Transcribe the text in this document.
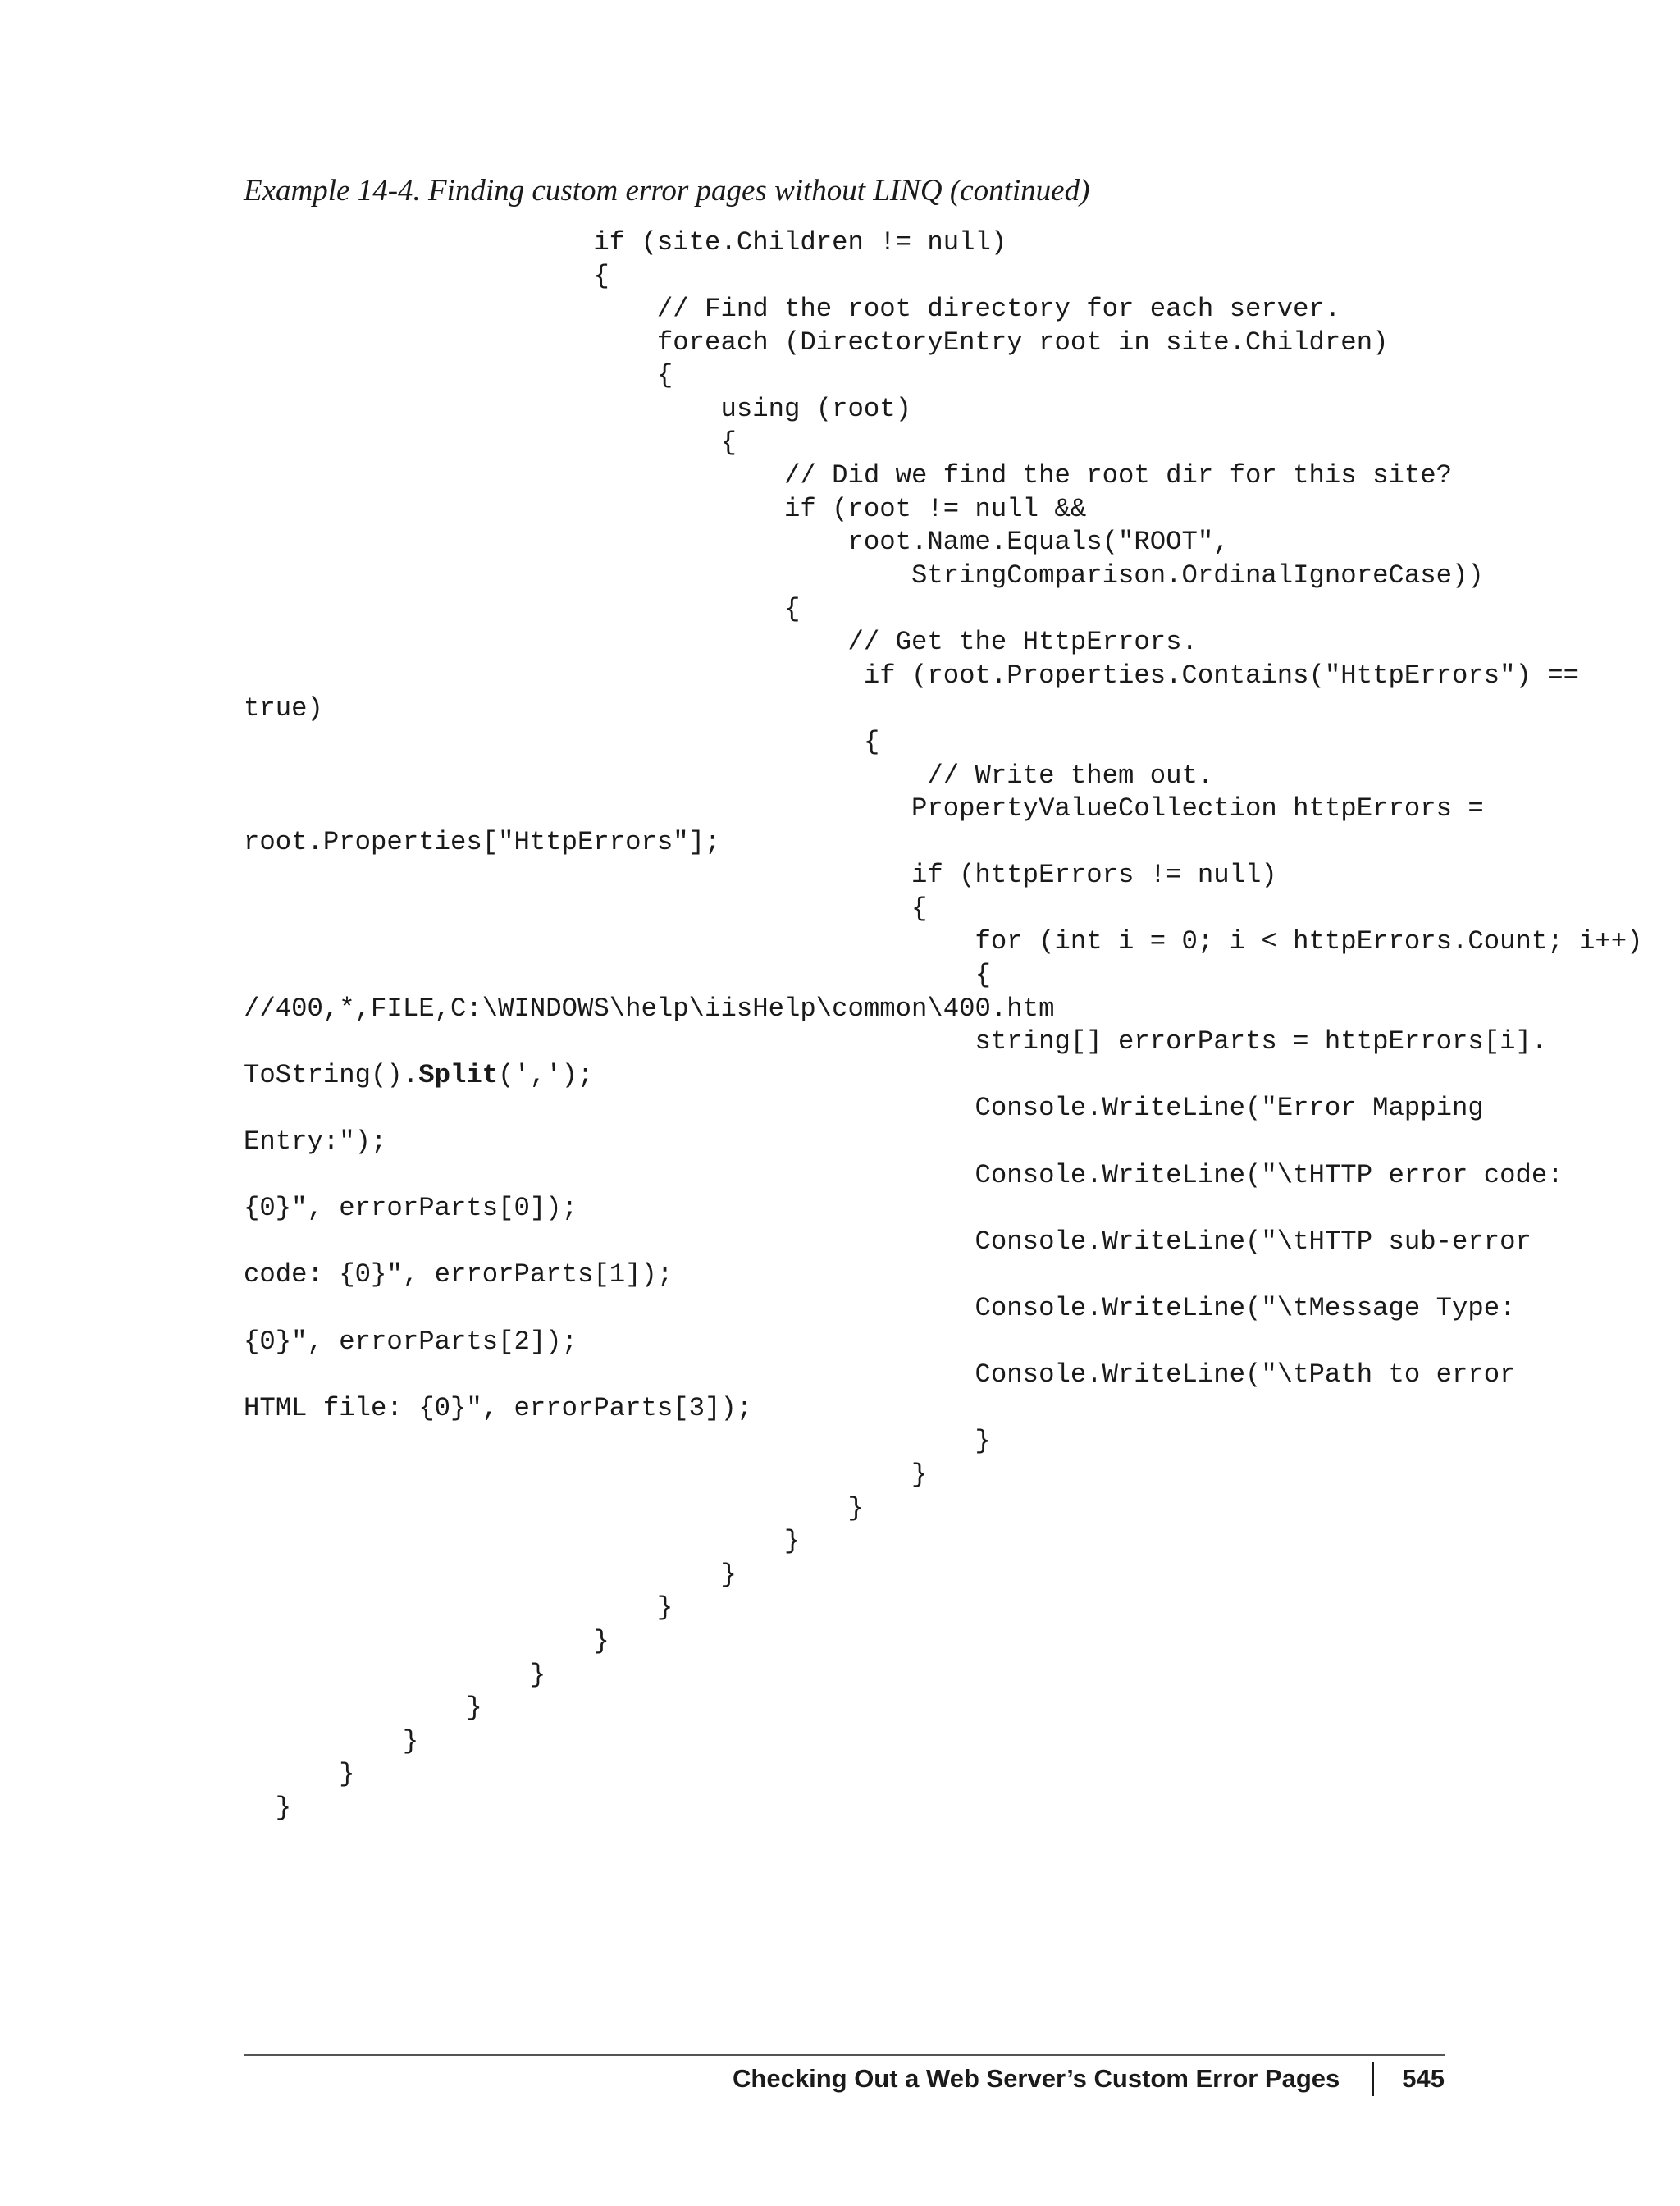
Example 14-4. Finding custom error pages without LINQ (continued)
if (site.Children != null)
{
// Find the root directory for each server.
foreach (DirectoryEntry root in site.Children)
{
using (root)
{
// Did we find the root dir for this site?
if (root != null &&
root.Name.Equals("ROOT",
StringComparison.OrdinalIgnoreCase))
{
// Get the HttpErrors.
if (root.Properties.Contains("HttpErrors") ==
true)
{
// Write them out.
PropertyValueCollection httpErrors =
root.Properties["HttpErrors"];
if (httpErrors != null)
{
for (int i = 0; i < httpErrors.Count; i++)
{
//400,*,FILE,C:\WINDOWS\help\iisHelp\common\400.htm
string[] errorParts = httpErrors[i].
ToString().Split(',');
Console.WriteLine("Error Mapping
Entry:");
Console.WriteLine("\tHTTP error code:
{0}", errorParts[0]);
Console.WriteLine("\tHTTP sub-error
code: {0}", errorParts[1]);
Console.WriteLine("\tMessage Type:
{0}", errorParts[2]);
Console.WriteLine("\tPath to error
HTML file: {0}", errorParts[3]);
}
}
}
}
}
}
}
}
}
}
}
}
Checking Out a Web Server’s Custom Error Pages 545
